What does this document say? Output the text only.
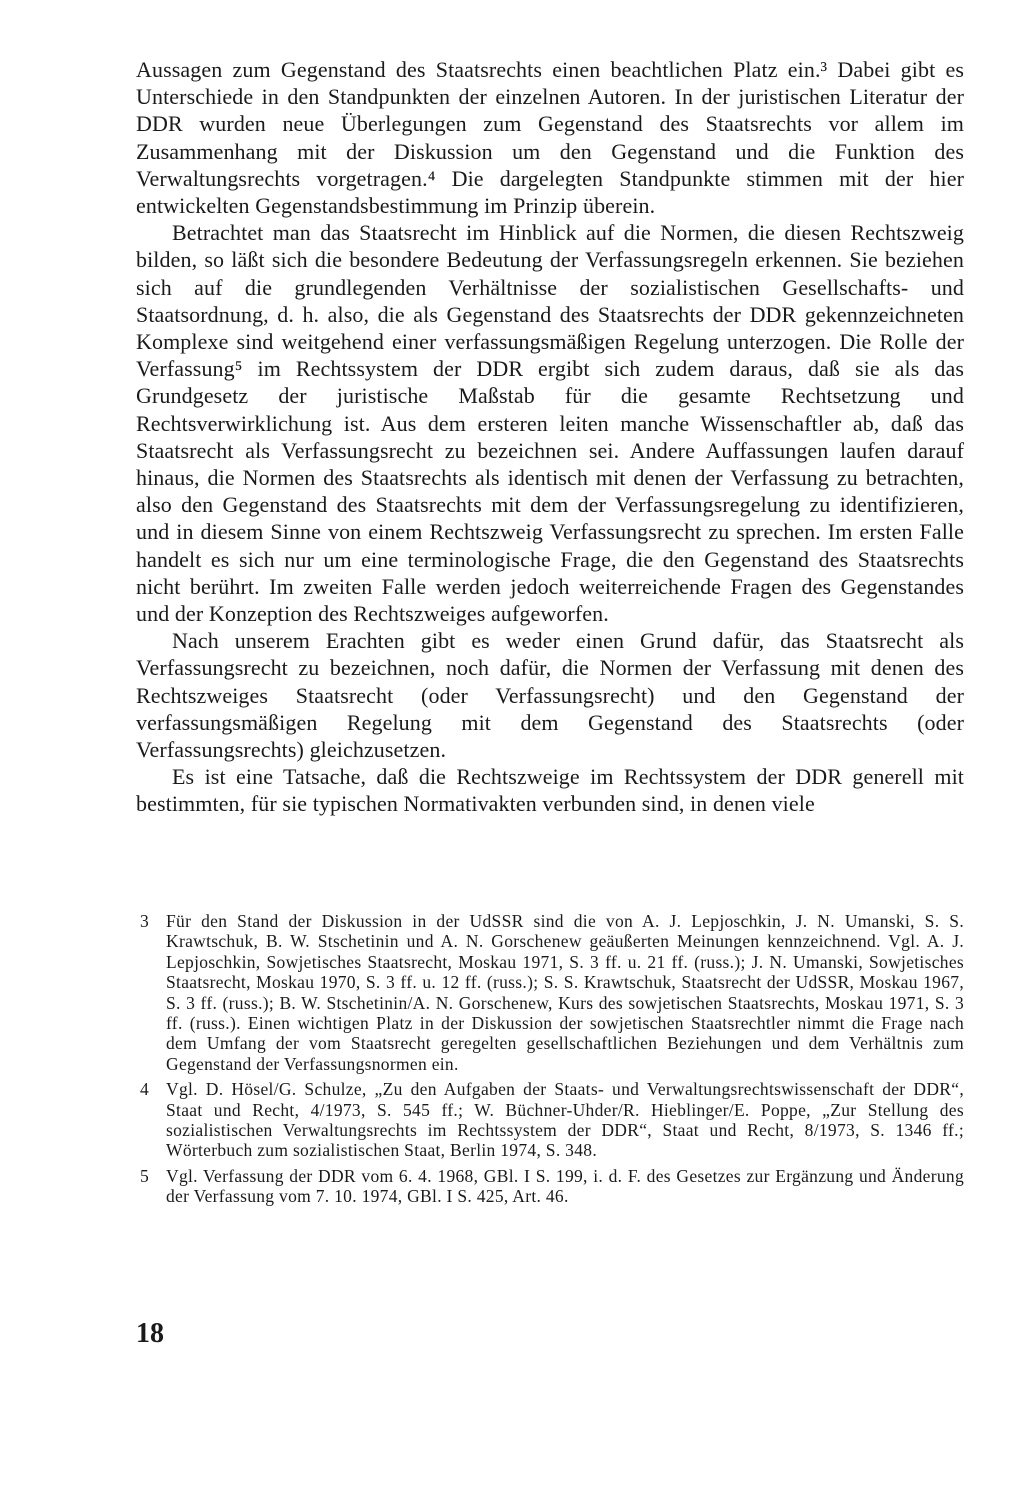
Aussagen zum Gegenstand des Staatsrechts einen beachtlichen Platz ein.³ Dabei gibt es Unterschiede in den Standpunkten der einzelnen Autoren. In der juristischen Literatur der DDR wurden neue Überlegungen zum Gegenstand des Staatsrechts vor allem im Zusammenhang mit der Diskussion um den Gegenstand und die Funktion des Verwaltungsrechts vorgetragen.⁴ Die dargelegten Standpunkte stimmen mit der hier entwickelten Gegenstandsbestimmung im Prinzip überein.

Betrachtet man das Staatsrecht im Hinblick auf die Normen, die diesen Rechtszweig bilden, so läßt sich die besondere Bedeutung der Verfassungsregeln erkennen. Sie beziehen sich auf die grundlegenden Verhältnisse der sozialistischen Gesellschafts- und Staatsordnung, d. h. also, die als Gegenstand des Staatsrechts der DDR gekennzeichneten Komplexe sind weitgehend einer verfassungsmäßigen Regelung unterzogen. Die Rolle der Verfassung⁵ im Rechtssystem der DDR ergibt sich zudem daraus, daß sie als das Grundgesetz der juristische Maßstab für die gesamte Rechtsetzung und Rechtsverwirklichung ist. Aus dem ersteren leiten manche Wissenschaftler ab, daß das Staatsrecht als Verfassungsrecht zu bezeichnen sei. Andere Auffassungen laufen darauf hinaus, die Normen des Staatsrechts als identisch mit denen der Verfassung zu betrachten, also den Gegenstand des Staatsrechts mit dem der Verfassungsregelung zu identifizieren, und in diesem Sinne von einem Rechtszweig Verfassungsrecht zu sprechen. Im ersten Falle handelt es sich nur um eine terminologische Frage, die den Gegenstand des Staatsrechts nicht berührt. Im zweiten Falle werden jedoch weiterreichende Fragen des Gegenstandes und der Konzeption des Rechtszweiges aufgeworfen.

Nach unserem Erachten gibt es weder einen Grund dafür, das Staatsrecht als Verfassungsrecht zu bezeichnen, noch dafür, die Normen der Verfassung mit denen des Rechtszweiges Staatsrecht (oder Verfassungsrecht) und den Gegenstand der verfassungsmäßigen Regelung mit dem Gegenstand des Staatsrechts (oder Verfassungsrechts) gleichzusetzen.

Es ist eine Tatsache, daß die Rechtszweige im Rechtssystem der DDR generell mit bestimmten, für sie typischen Normativakten verbunden sind, in denen viele

3 Für den Stand der Diskussion in der UdSSR sind die von A. J. Lepjoschkin, J. N. Umanski, S. S. Krawtschuk, B. W. Stschetinin und A. N. Gorschenew geäußerten Meinungen kennzeichnend. Vgl. A. J. Lepjoschkin, Sowjetisches Staatsrecht, Moskau 1971, S. 3 ff. u. 21 ff. (russ.); J. N. Umanski, Sowjetisches Staatsrecht, Moskau 1970, S. 3 ff. u. 12 ff. (russ.); S. S. Krawtschuk, Staatsrecht der UdSSR, Moskau 1967, S. 3 ff. (russ.); B. W. Stschetinin/A. N. Gorschenew, Kurs des sowjetischen Staatsrechts, Moskau 1971, S. 3 ff. (russ.). Einen wichtigen Platz in der Diskussion der sowjetischen Staatsrechtler nimmt die Frage nach dem Umfang der vom Staatsrecht geregelten gesellschaftlichen Beziehungen und dem Verhältnis zum Gegenstand der Verfassungsnormen ein.
4 Vgl. D. Hösel/G. Schulze, „Zu den Aufgaben der Staats- und Verwaltungsrechtswissenschaft der DDR“, Staat und Recht, 4/1973, S. 545 ff.; W. Büchner-Uhder/R. Hieblinger/E. Poppe, „Zur Stellung des sozialistischen Verwaltungsrechts im Rechtssystem der DDR“, Staat und Recht, 8/1973, S. 1346 ff.; Wörterbuch zum sozialistischen Staat, Berlin 1974, S. 348.
5 Vgl. Verfassung der DDR vom 6. 4. 1968, GBl. I S. 199, i. d. F. des Gesetzes zur Ergänzung und Änderung der Verfassung vom 7. 10. 1974, GBl. I S. 425, Art. 46.
18
